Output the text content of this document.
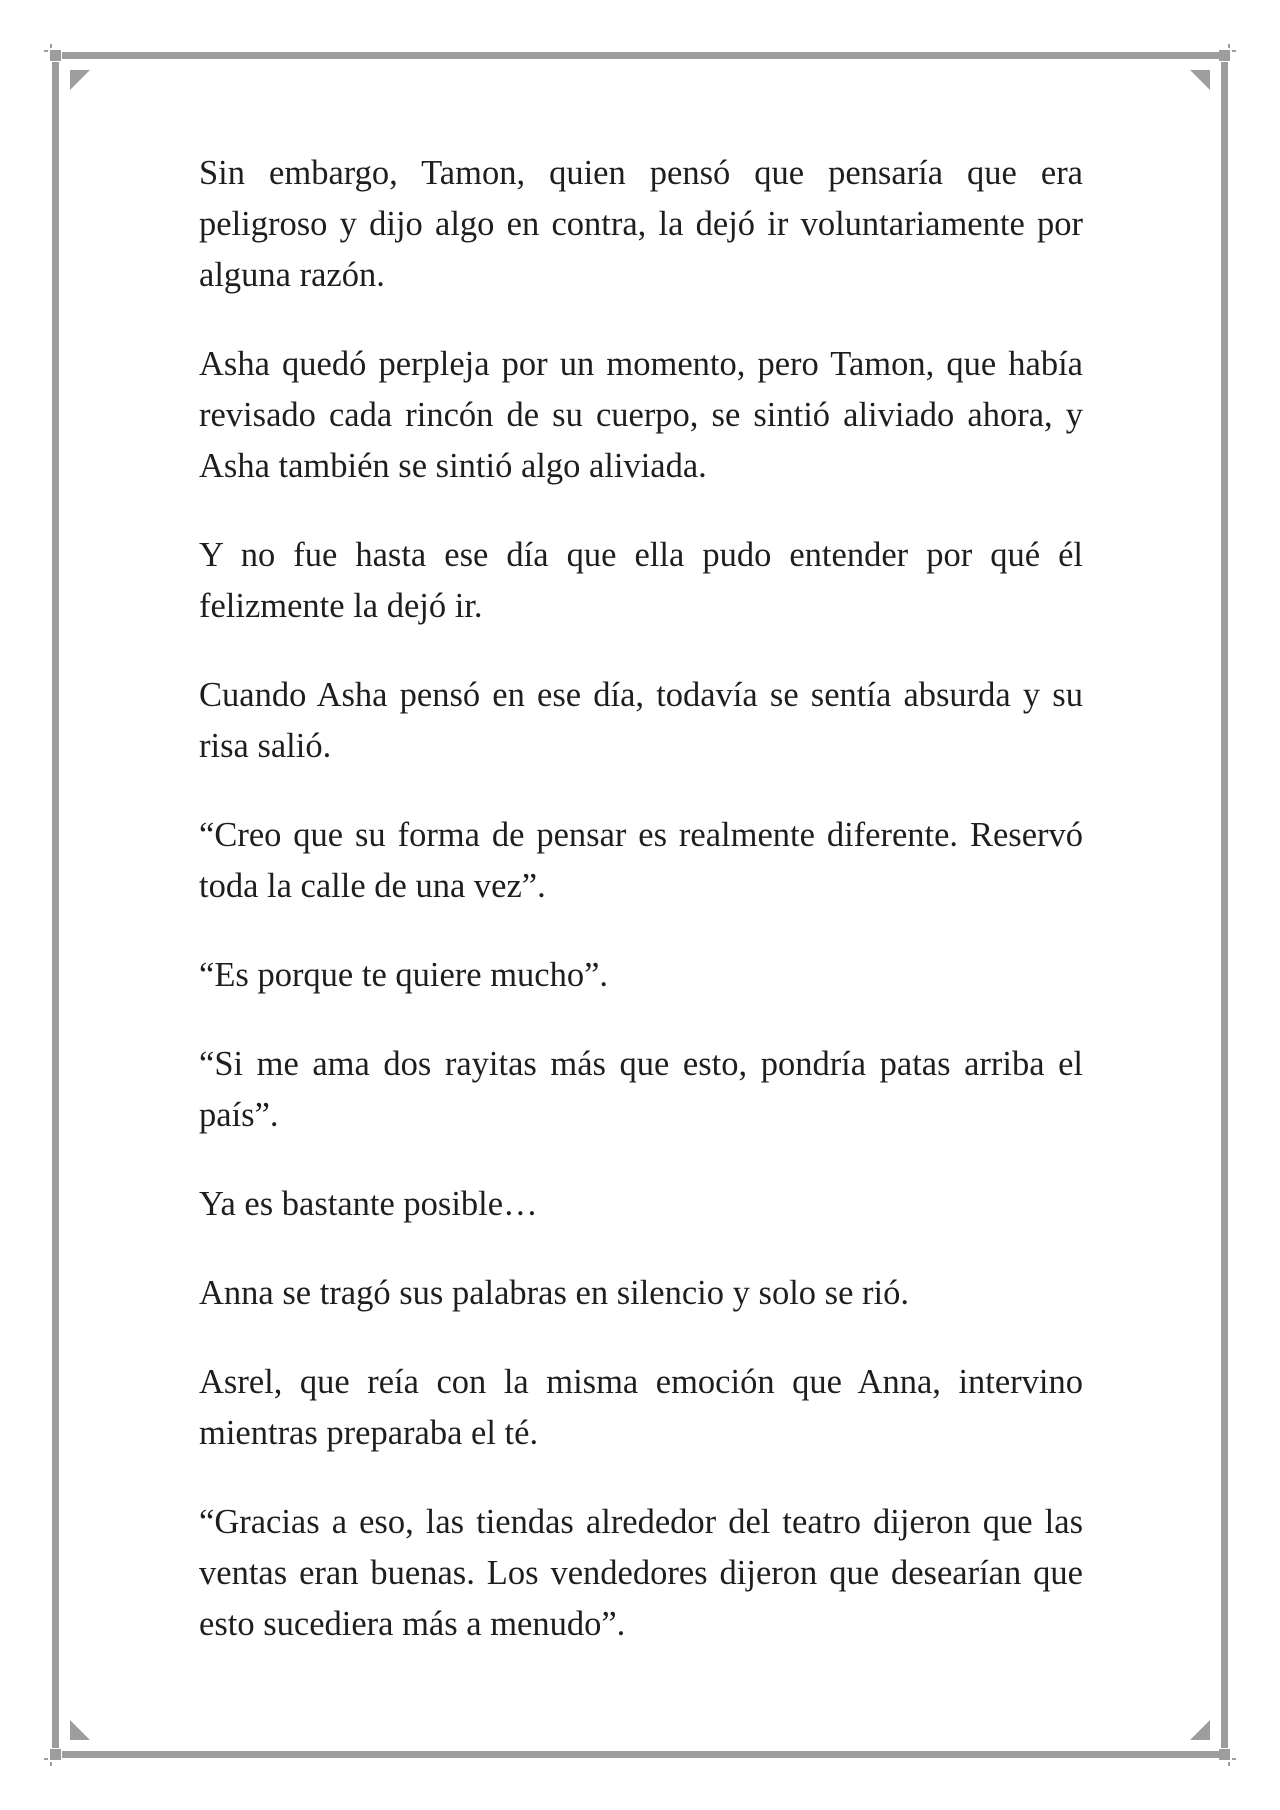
Sin embargo, Tamon, quien pensó que pensaría que era peligroso y dijo algo en contra, la dejó ir voluntariamente por alguna razón.

Asha quedó perpleja por un momento, pero Tamon, que había revisado cada rincón de su cuerpo, se sintió aliviado ahora, y Asha también se sintió algo aliviada.

Y no fue hasta ese día que ella pudo entender por qué él felizmente la dejó ir.

Cuando Asha pensó en ese día, todavía se sentía absurda y su risa salió.

“Creo que su forma de pensar es realmente diferente. Reservó toda la calle de una vez”.

“Es porque te quiere mucho”.

“Si me ama dos rayitas más que esto, pondría patas arriba el país”.

Ya es bastante posible…

Anna se tragó sus palabras en silencio y solo se rió.

Asrel, que reía con la misma emoción que Anna, intervino mientras preparaba el té.

“Gracias a eso, las tiendas alrededor del teatro dijeron que las ventas eran buenas. Los vendedores dijeron que desearían que esto sucediera más a menudo”.
